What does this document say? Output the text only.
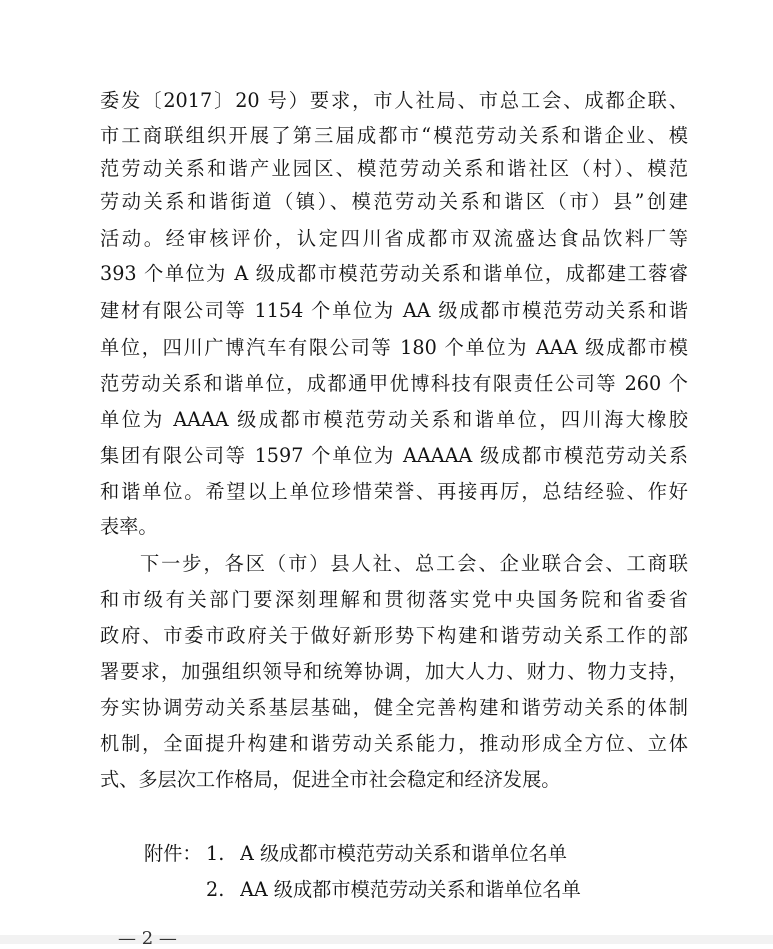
委发〔2017〕20 号）要求，市人社局、市总工会、成都企联、
市工商联组织开展了第三届成都市“模范劳动关系和谐企业、模
范劳动关系和谐产业园区、模范劳动关系和谐社区（村）、模范
劳动关系和谐街道（镇）、模范劳动关系和谐区（市）县”创建
活动。经审核评价，认定四川省成都市双流盛达食品饮料厂等
393 个单位为 A 级成都市模范劳动关系和谐单位，成都建工蓉睿
建材有限公司等 1154 个单位为 AA 级成都市模范劳动关系和谐
单位，四川广博汽车有限公司等 180 个单位为 AAA 级成都市模
范劳动关系和谐单位，成都通甲优博科技有限责任公司等 260 个
单位为 AAAA 级成都市模范劳动关系和谐单位，四川海大橡胶
集团有限公司等 1597 个单位为 AAAAA 级成都市模范劳动关系
和谐单位。希望以上单位珍惜荣誉、再接再厉，总结经验、作好
表率。
下一步，各区（市）县人社、总工会、企业联合会、工商联
和市级有关部门要深刻理解和贯彻落实党中央国务院和省委省
政府、市委市政府关于做好新形势下构建和谐劳动关系工作的部
署要求，加强组织领导和统筹协调，加大人力、财力、物力支持，
夯实协调劳动关系基层基础，健全完善构建和谐劳动关系的体制
机制，全面提升构建和谐劳动关系能力，推动形成全方位、立体
式、多层次工作格局，促进全市社会稳定和经济发展。
附件： 1. A 级成都市模范劳动关系和谐单位名单
2. AA 级成都市模范劳动关系和谐单位名单
— 2 —
